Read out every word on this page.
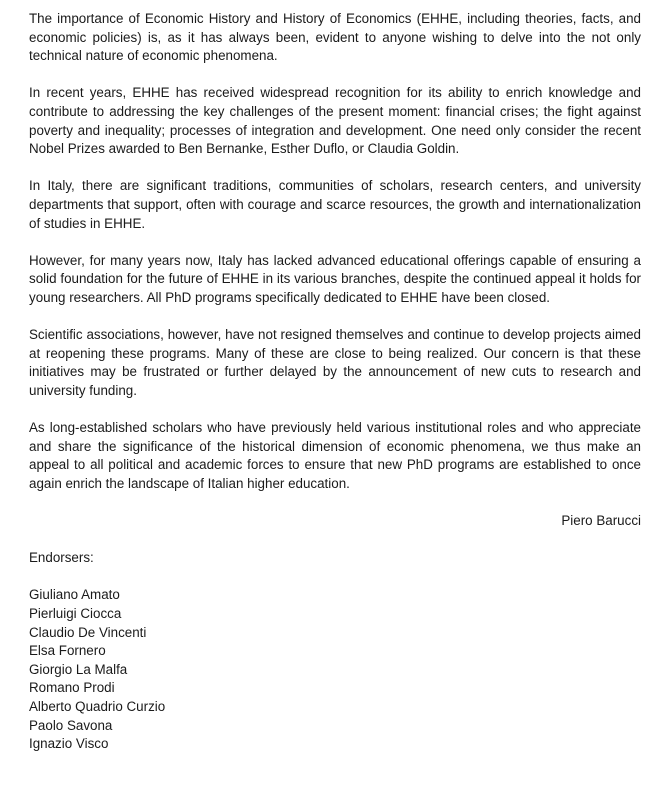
The importance of Economic History and History of Economics (EHHE, including theories, facts, and economic policies) is, as it has always been, evident to anyone wishing to delve into the not only technical nature of economic phenomena.

In recent years, EHHE has received widespread recognition for its ability to enrich knowledge and contribute to addressing the key challenges of the present moment: financial crises; the fight against poverty and inequality; processes of integration and development. One need only consider the recent Nobel Prizes awarded to Ben Bernanke, Esther Duflo, or Claudia Goldin.

In Italy, there are significant traditions, communities of scholars, research centers, and university departments that support, often with courage and scarce resources, the growth and internationalization of studies in EHHE.

However, for many years now, Italy has lacked advanced educational offerings capable of ensuring a solid foundation for the future of EHHE in its various branches, despite the continued appeal it holds for young researchers. All PhD programs specifically dedicated to EHHE have been closed.

Scientific associations, however, have not resigned themselves and continue to develop projects aimed at reopening these programs. Many of these are close to being realized. Our concern is that these initiatives may be frustrated or further delayed by the announcement of new cuts to research and university funding.

As long-established scholars who have previously held various institutional roles and who appreciate and share the significance of the historical dimension of economic phenomena, we thus make an appeal to all political and academic forces to ensure that new PhD programs are established to once again enrich the landscape of Italian higher education.

Piero Barucci

Endorsers:

Giuliano Amato
Pierluigi Ciocca
Claudio De Vincenti
Elsa Fornero
Giorgio La Malfa
Romano Prodi
Alberto Quadrio Curzio
Paolo Savona
Ignazio Visco
